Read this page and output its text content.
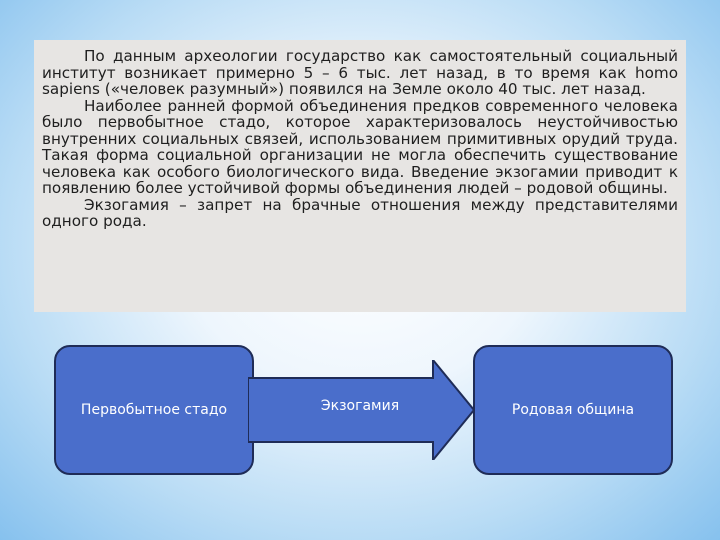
По данным археологии государство как самостоятельный социальный институт возникает примерно 5 – 6 тыс. лет назад, в то время как homo sapiens («человек разумный») появился на Земле около 40 тыс. лет назад.

Наиболее ранней формой объединения предков современного человека было первобытное стадо, которое характеризовалось неустойчивостью внутренних социальных связей, использованием примитивных орудий труда. Такая форма социальной организации не могла обеспечить существование человека как особого биологического вида. Введение экзогамии приводит к появлению более устойчивой формы объединения людей – родовой общины.

Экзогамия – запрет на брачные отношения между представителями одного рода.

Первобытное стадо	Экзогамия	Родовая община
